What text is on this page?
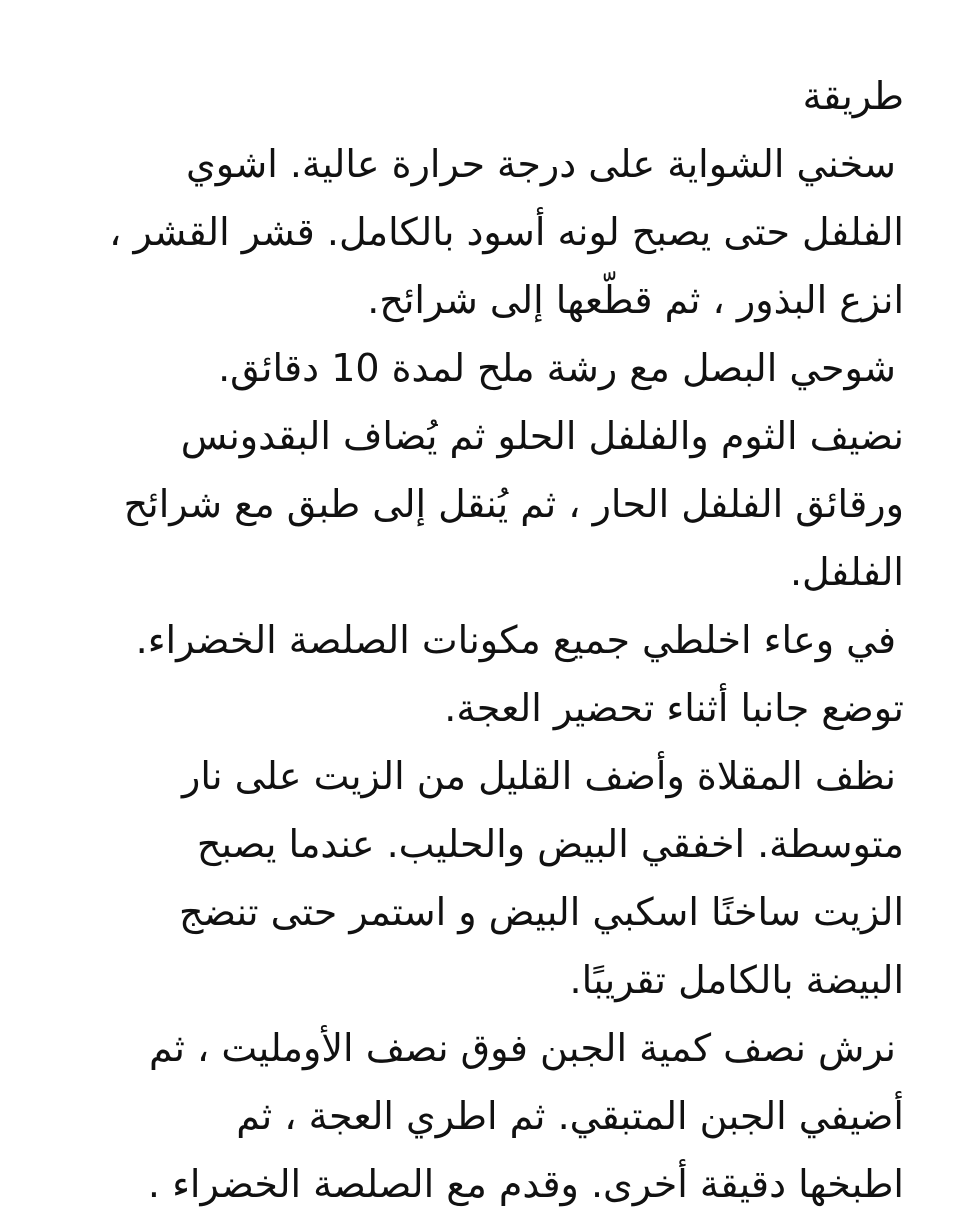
طريقة
سخني الشواية على درجة حرارة عالية. اشوي
الفلفل حتى يصبح لونه أسود بالكامل. قشر القشر ،
انزع البذور ، ثم قطّعها إلى شرائح.
شوحي البصل مع رشة ملح لمدة 10 دقائق.
نضيف الثوم والفلفل الحلو ثم يُضاف البقدونس
ورقائق الفلفل الحار ، ثم يُنقل إلى طبق مع شرائح
الفلفل.
في وعاء اخلطي جميع مكونات الصلصة الخضراء.
توضع جانبا أثناء تحضير العجة.
نظف المقلاة وأضف القليل من الزيت على نار
متوسطة. اخفقي البيض والحليب. عندما يصبح
الزيت ساخنًا اسكبي البيض و استمر حتى تنضج
البيضة بالكامل تقريبًا.
نرش نصف كمية الجبن فوق نصف الأومليت ، ثم
أضيفي الجبن المتبقي. ثم اطري العجة ، ثم
اطبخها دقيقة أخرى. وقدم مع الصلصة الخضراء .
